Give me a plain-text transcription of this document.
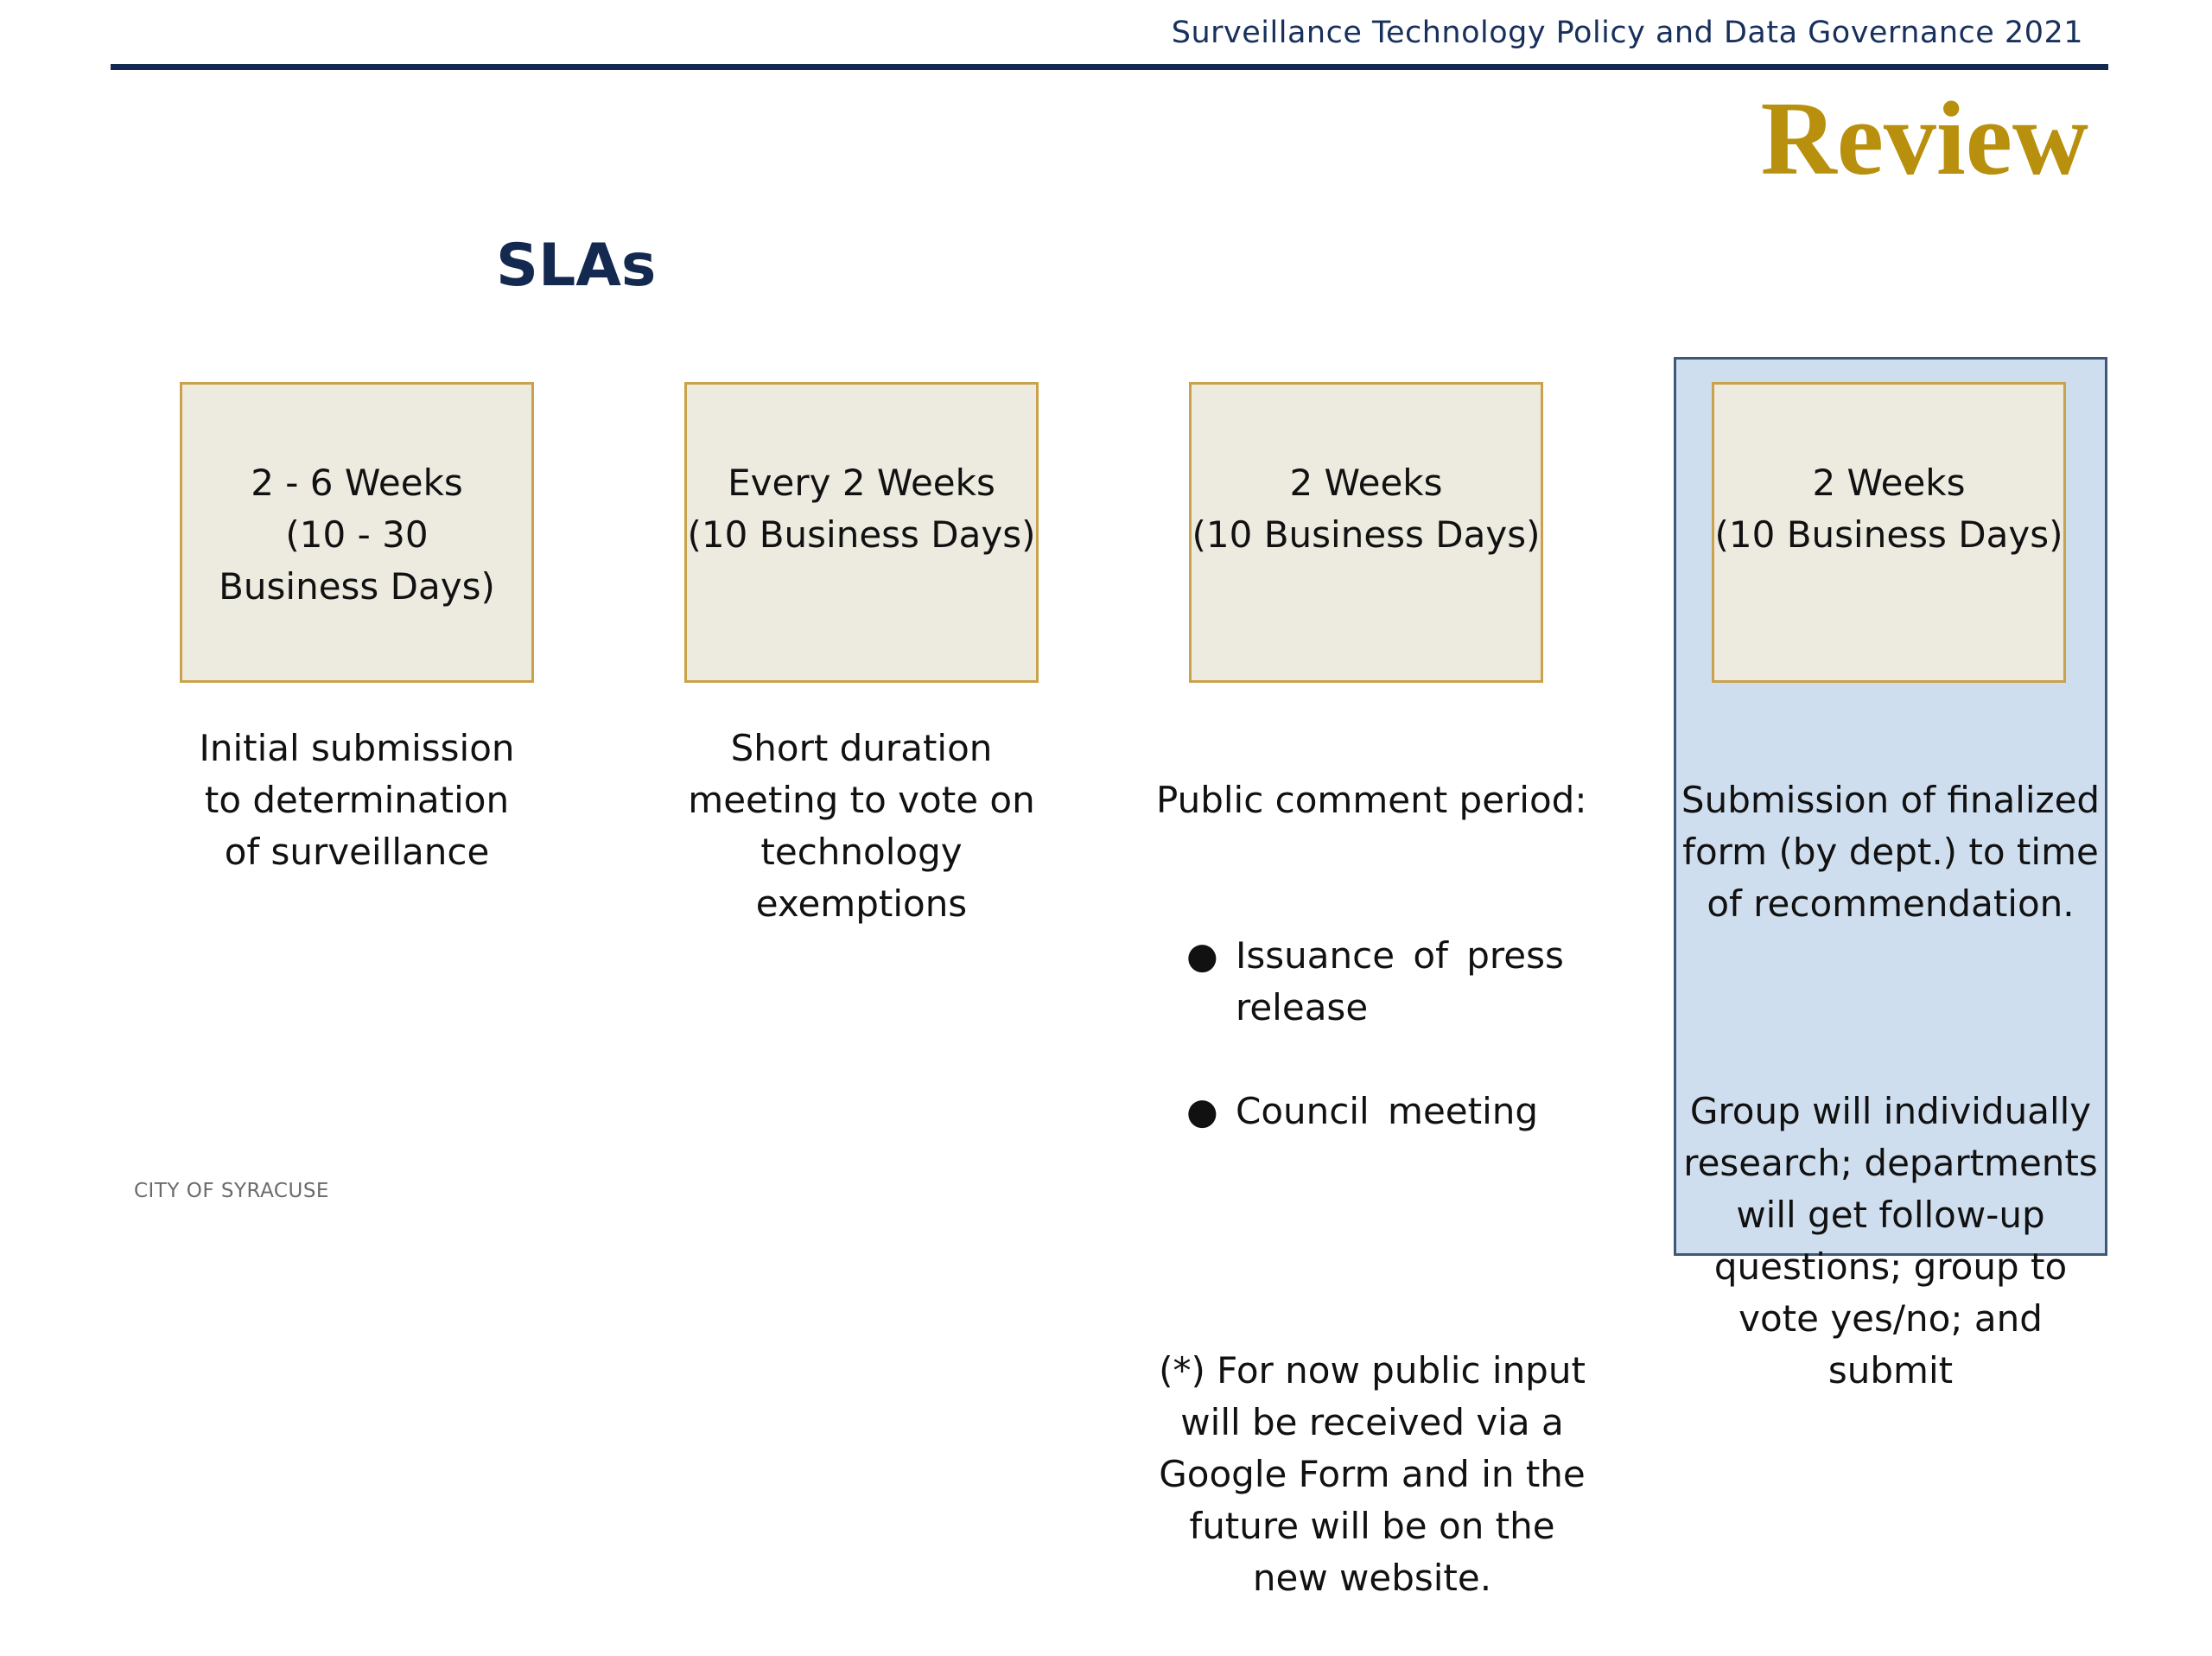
Surveillance Technology Policy and Data Governance 2021
Review
SLAs
2 - 6 Weeks
(10 - 30
Business Days)
Initial submission
to determination
of surveillance
Every 2 Weeks
(10 Business Days)
Short duration
meeting to vote on
technology
exemptions
2 Weeks
(10 Business Days)

Public comment period:

● Issuance of press
release

● Council meeting

(*) For now public input
will be received via a
Google Form and in the
future will be on the
new website.

2 Weeks
(10 Business Days)

Submission of finalized
form (by dept.) to time
of recommendation.

Group will individually
research; departments
will get follow-up
questions; group to
vote yes/no; and
submit

CITY OF SYRACUSE
